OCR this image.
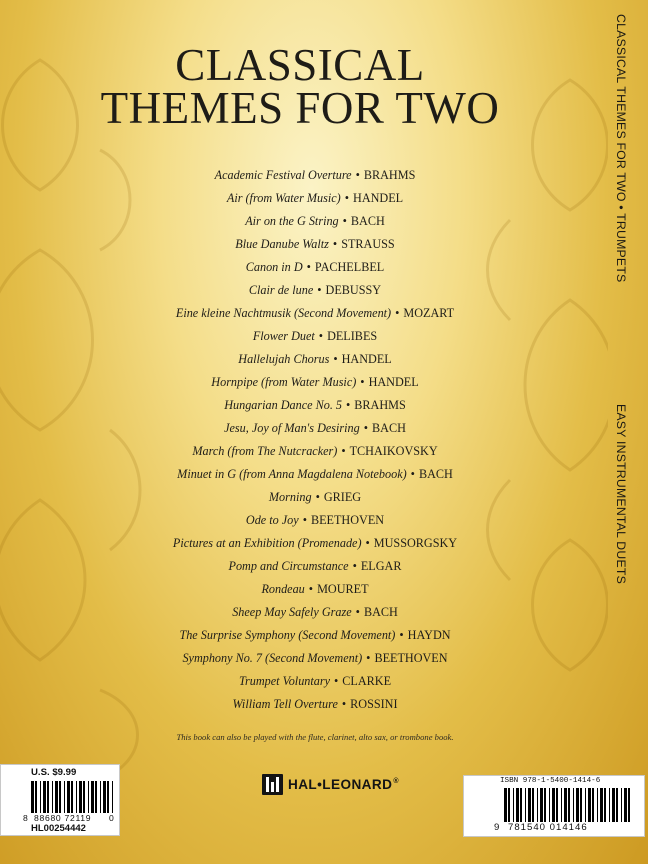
CLASSICAL
THEMES FOR TWO
Academic Festival Overture • BRAHMS
Air (from Water Music) • HANDEL
Air on the G String • BACH
Blue Danube Waltz • STRAUSS
Canon in D • PACHELBEL
Clair de lune • DEBUSSY
Eine kleine Nachtmusik (Second Movement) • MOZART
Flower Duet • DELIBES
Hallelujah Chorus • HANDEL
Hornpipe (from Water Music) • HANDEL
Hungarian Dance No. 5 • BRAHMS
Jesu, Joy of Man's Desiring • BACH
March (from The Nutcracker) • TCHAIKOVSKY
Minuet in G (from Anna Magdalena Notebook) • BACH
Morning • GRIEG
Ode to Joy • BEETHOVEN
Pictures at an Exhibition (Promenade) • MUSSORGSKY
Pomp and Circumstance • ELGAR
Rondeau • MOURET
Sheep May Safely Graze • BACH
The Surprise Symphony (Second Movement) • HAYDN
Symphony No. 7 (Second Movement) • BEETHOVEN
Trumpet Voluntary • CLARKE
William Tell Overture • ROSSINI
This book can also be played with the flute, clarinet, alto sax, or trombone book.
CLASSICAL THEMES FOR TWO • TRUMPETS
EASY INSTRUMENTAL DUETS
U.S. $9.99
8 88680 72119 0
HL00254442
HAL•LEONARD®	ISBN 978-1-5400-1414-6
9 781540 014146
